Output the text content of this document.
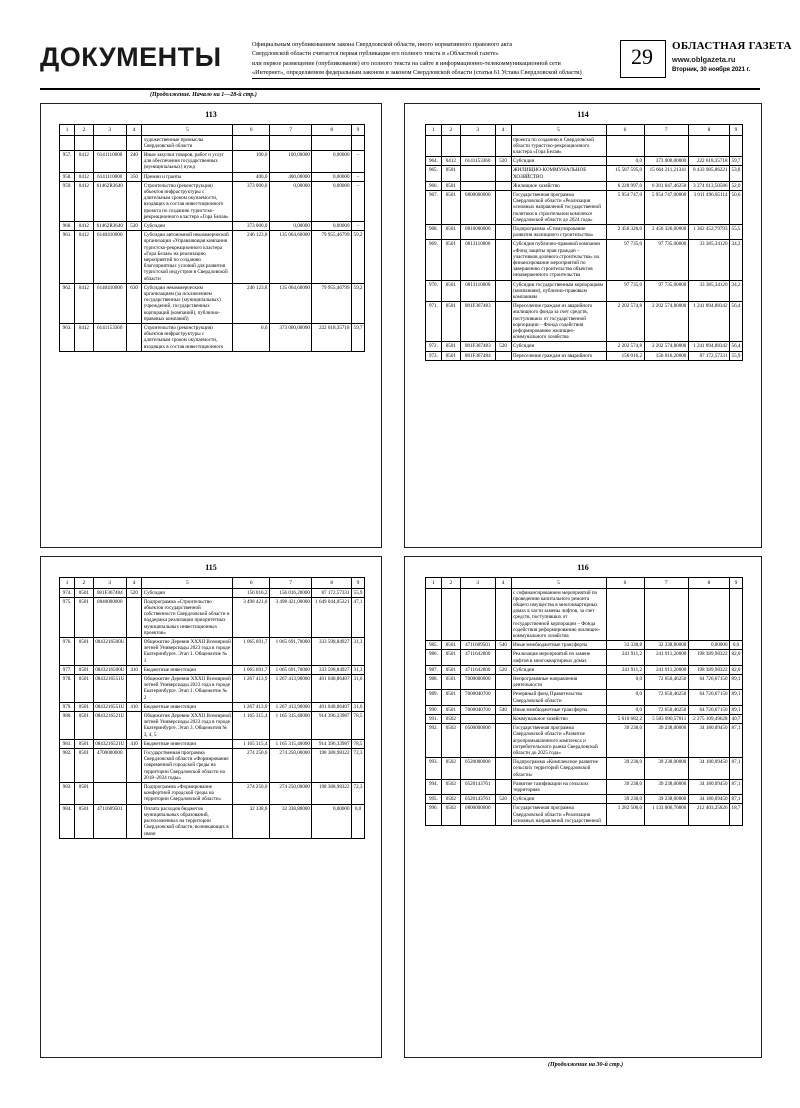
ДОКУМЕНТЫ	Официальным опубликованием закона Свердловской области, иного нормативного правового акта
Свердловской области считается первая публикация его полного текста в «Областной газете»
или первое размещение (опубликование) его полного текста на сайте в информационно-телекоммуникационной сети
«Интернет», определяемом федеральным законом и законом Свердловской области (статья 61 Устава Свердловской области)
29	ОБЛАСТНАЯ ГАЗЕТА
www.oblgazeta.ru
Вторник, 30 ноября 2021 г.
(Продолжение. Начало на 1—28-й стр.)
(Продолжение на 30-й стр.)
113
1	2	3	4	5	6	7	8	9
				художественные промыслы Свердловской области				
957.	0412	6141110000	240	Иные закупки товаров, работ и услуг для обеспечения государственных (муниципальных) нужд	100,0	100,00000	0,00000	–
958.	0412	6141110000	350	Премии и гранты	400,0	400,00000	0,00000	–
959.	0412	61462R3640		Строительство (реконструкция) объектов инфраструктуры с длительным сроком окупаемости, входящих в состав инвестиционного проекта по созданию туристско-рекреационного кластера «Гора Белая»	373 000,0	0,00000	0,00000	–
960.	0412	61462R3640	520	Субсидии	373 000,0	0,00000	0,00000	–
961.	0412	6140410000		Субсидии автономной некоммерческой организации «Управляющая компания туристско-рекреационного кластера «Гора Белая» на реализацию мероприятий по созданию благоприятных условий для развития туристской индустрии в Свердловской области	246 123,8	135 064,60000	79 955,46799	59,2
962.	0412	6140410000	630	Субсидии некоммерческим организациям (за исключением государственных (муниципальных) учреждений, государственных корпораций (компаний), публично-правовых компаний)	246 123,8	135 064,60000	79 955,46799	59,2
963.	0412	6141153360		Строительство (реконструкция) объектов инфраструктуры с длительным сроком окупаемости, входящих в состав инвестиционного	0,0	373 000,00000	222 618,35718	59,7
114
1	2	3	4	5	6	7	8	9
				проекта по созданию в Свердловской области туристско-рекреационного кластера «Гора Белая»				
964.	0412	6141153360	520	Субсидии	0,0	373 000,00000	222 618,35718	59,7
965.	0501			ЖИЛИЩНО-КОММУНАЛЬНОЕ ХОЗЯЙСТВО	15 587 595,0	15 664 211,21341	8 433 985,86221	53,8
966.	0501			Жилищное хозяйство	6 228 997,0	6 301 647,46250	3 274 613,50586	52,0
967.	0501	0800000000		Государственная программа Свердловской области «Реализация основных направлений государственной политики в строительном комплексе Свердловской области до 2024 года»	5 954 747,0	5 954 747,00000	3 011 496,85114	50,6
968.	0501	0810000000		Подпрограмма «Стимулирование развития жилищного строительства»	2 456 326,0	2 456 326,00000	1 362 452,79793	55,5
969.	0501	0813110000		Субсидия публично-правовой компании «Фонд защиты прав граждан – участников долевого строительства» на финансирование мероприятий по завершению строительства объектов незавершенного строительства	97 735,0	97 735,00000	33 385,34120	34,2
970.	0501	0813110000		Субсидии государственным корпорациям (компаниям), публично-правовым компаниям	97 735,0	97 735,00000	33 385,34120	34,2
971.	0501	081F367483		Переселение граждан из аварийного жилищного фонда за счет средств, поступивших от государственной корпорации – Фонда содействия реформированию жилищно-коммунального хозяйства	2 202 574,8	2 202 574,80000	1 241 894,88342	56,4
972.	0501	081F367483	520	Субсидии	2 202 574,8	2 202 574,80000	1 241 894,88342	56,4
973.	0501	081F367484		Переселение граждан из аварийного	156 016,2	156 016,20000	87 172,57331	55,9
115
1	2	3	4	5	6	7	8	9
974.	0501	081F367484	520	Субсидии	156 016,2	156 016,20000	87 172,57331	55,9
975.	0501	0840000000		Подпрограмма «Строительство объектов государственной собственности Свердловской области и поддержка реализации приоритетных муниципальных инвестиционных проектов»	3 498 421,0	3 498 421,00000	1 649 044,05321	47,1
976.	0501	0843216500U		Общежитие Деревни XXXII Всемирной летней Универсиады 2023 года в городе Екатеринбурге. Этап 1. Общежитие № 1	1 065 691,7	1 065 691,70000	333 598,84927	31,3
977.	0501	0843216500U	410	Бюджетные инвестиции	1 065 691,7	1 065 691,70000	333 598,84927	31,3
978.	0501	0843216551U		Общежитие Деревни XXXII Всемирной летней Универсиады 2023 года в городе Екатеринбурге. Этап 1. Общежитие № 2	1 267 413,9	1 267 413,90000	401 048,86407	31,6
979.	0501	0843216551U	410	Бюджетные инвестиции	1 267 413,9	1 267 413,90000	401 048,86407	31,6
980.	0501	0843216521U		Общежития Деревни XXXII Всемирной летней Универсиады 2023 года в городе Екатеринбурге. Этап 3. Общежития № 3, 4, 5	1 165 315,4	1 165 315,40000	914 396,33987	78,5
981.	0501	0843216521U	410	Бюджетные инвестиции	1 165 315,4	1 165 315,40000	914 396,33987	78,5
982.	0501	4700000000		Государственная программа Свердловской области «Формирование современной городской среды на территории Свердловской области на 2018–2024 годы»	274 250,0	274 250,00000	198 388,98322	72,3
983.	0501			Подпрограмма «Формирование комфортной городской среды на территории Свердловской области»	274 250,0	274 250,00000	198 388,98322	72,3
984.	0501	4711609501		Оплата расходов бюджетов муниципальных образований, расположенных на территории Свердловской области, возникающих в связи	32 338,8	32 338,80000	0,00000	0,0
116
1	2	3	4	5	6	7	8	9
				с софинансированием мероприятий по проведению капитального ремонта общего имущества в многоквартирных домах в части замены лифтов, за счет средств, поступивших от государственной корпорации – Фонда содействия реформированию жилищно-коммунального хозяйства				
985.	0501	4711609501	540	Иные межбюджетные трансферты	32 338,8	32 338,80000	0,00000	0,0
986.	0501	4711642000		Реализация мероприятий по замене лифтов в многоквартирных домах	241 911,2	241 911,20000	198 389,98322	82,0
987.	0501	4711642000	520	Субсидии	241 911,2	241 911,20000	198 389,98322	82,0
988.	0501	7000000000		Непрограммные направления деятельности	0,0	72 650,46250	64 726,67150	89,1
989.	0501	7000040700		Резервный фонд Правительства Свердловской области	0,0	72 650,46250	64 726,67150	89,1
990.	0501	7000040700	540	Иные межбюджетные трансферты	0,0	72 650,46250	64 726,67150	89,1
991.	0502			Коммунальное хозяйство	5 610 682,2	5 583 090,57811	2 275 109,49628	40,7
992.	0502	0500000000		Государственная программа Свердловской области «Развитие агропромышленного комплекса и потребительского рынка Свердловской области до 2025 года»	39 238,0	39 238,00000	34 180,09450	87,1
993.	0502	0520000000		Подпрограмма «Комплексное развитие сельских территорий Свердловской области»	39 238,0	39 238,00000	34 180,09450	87,1
994.	0502	0520143761		Развитие газификации на сельских территориях	39 238,0	39 238,00000	34 180,09450	87,1
995.	0502	0520143761	520	Субсидии	39 238,0	39 238,00000	34 180,09450	87,1
996.	0502	0800000000		Государственная программа Свердловской области «Реализация основных направлений государственной	1 282 506,0	1 133 006,70000	212 403,25826	18,7
